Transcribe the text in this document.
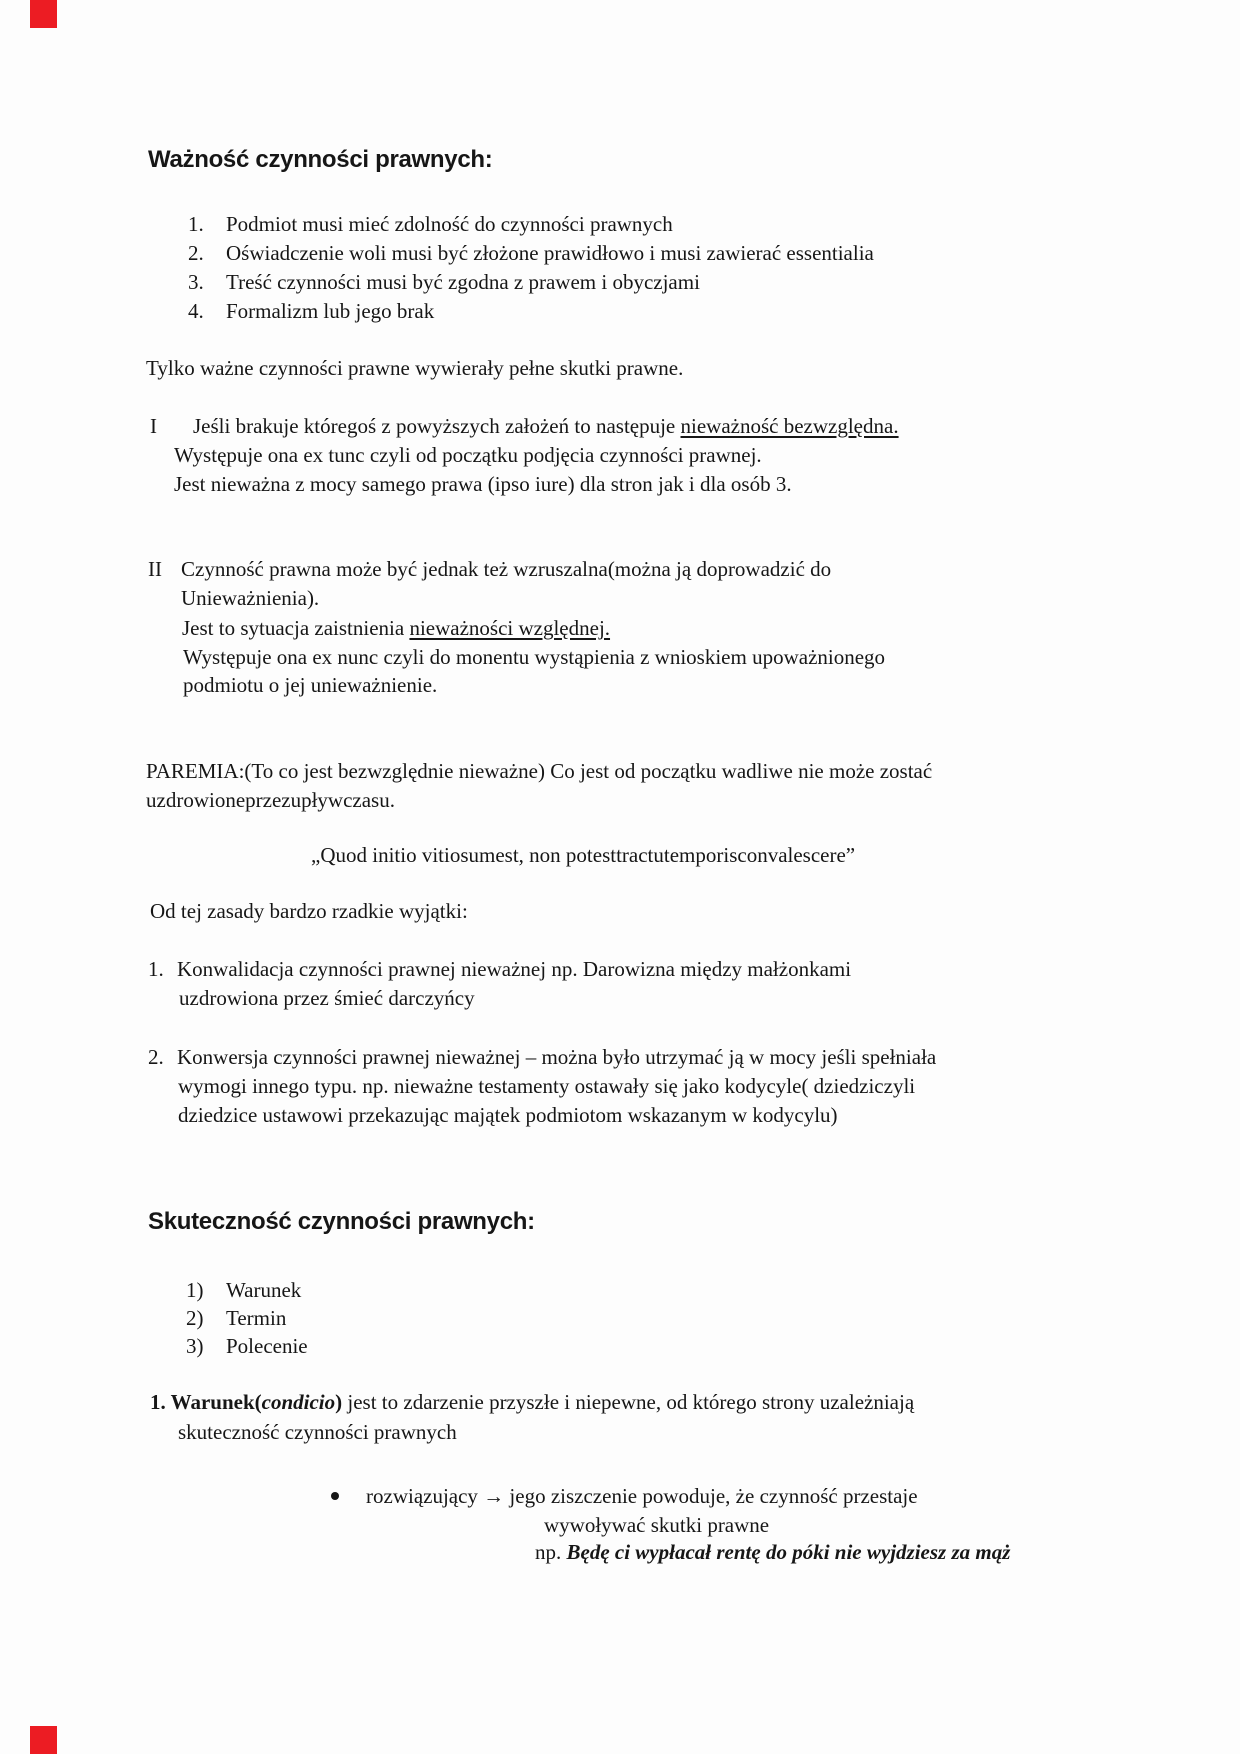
Ważność czynności prawnych:
1. Podmiot musi mieć zdolność do czynności prawnych
2. Oświadczenie woli musi być złożone prawidłowo i musi zawierać essentialia
3. Treść czynności musi być zgodna z prawem i obyczjami
4. Formalizm lub jego brak
Tylko ważne czynności prawne wywierały pełne skutki prawne.
I Jeśli brakuje któregoś z powyższych założeń to następuje nieważność bezwzględna.
Występuje ona ex tunc czyli od początku podjęcia czynności prawnej.
Jest nieważna z mocy samego prawa (ipso iure) dla stron jak i dla osób 3.
II Czynność prawna może być jednak też wzruszalna(można ją doprowadzić do
Unieważnienia).
Jest to sytuacja zaistnienia nieważności względnej.
Występuje ona ex nunc czyli do monentu wystąpienia z wnioskiem upoważnionego
podmiotu o jej unieważnienie.
PAREMIA:(To co jest bezwzględnie nieważne) Co jest od początku wadliwe nie może zostać
uzdrowioneprzezupływczasu.
„Quod initio vitiosumest, non potesttractutemporisconvalescere”
Od tej zasady bardzo rzadkie wyjątki:
1. Konwalidacja czynności prawnej nieważnej np. Darowizna między małżonkami
uzdrowiona przez śmieć darczyńcy
2. Konwersja czynności prawnej nieważnej – można było utrzymać ją w mocy jeśli spełniała
wymogi innego typu. np. nieważne testamenty ostawały się jako kodycyle( dziedziczyli
dziedzice ustawowi przekazując majątek podmiotom wskazanym w kodycylu)
Skuteczność czynności prawnych:
1) Warunek
2) Termin
3) Polecenie
1. Warunek(condicio) jest to zdarzenie przyszłe i niepewne, od którego strony uzależniają
skuteczność czynności prawnych
rozwiązujący → jego ziszczenie powoduje, że czynność przestaje
wywoływać skutki prawne
np. Będę ci wypłacał rentę do póki nie wyjdziesz za mąż
